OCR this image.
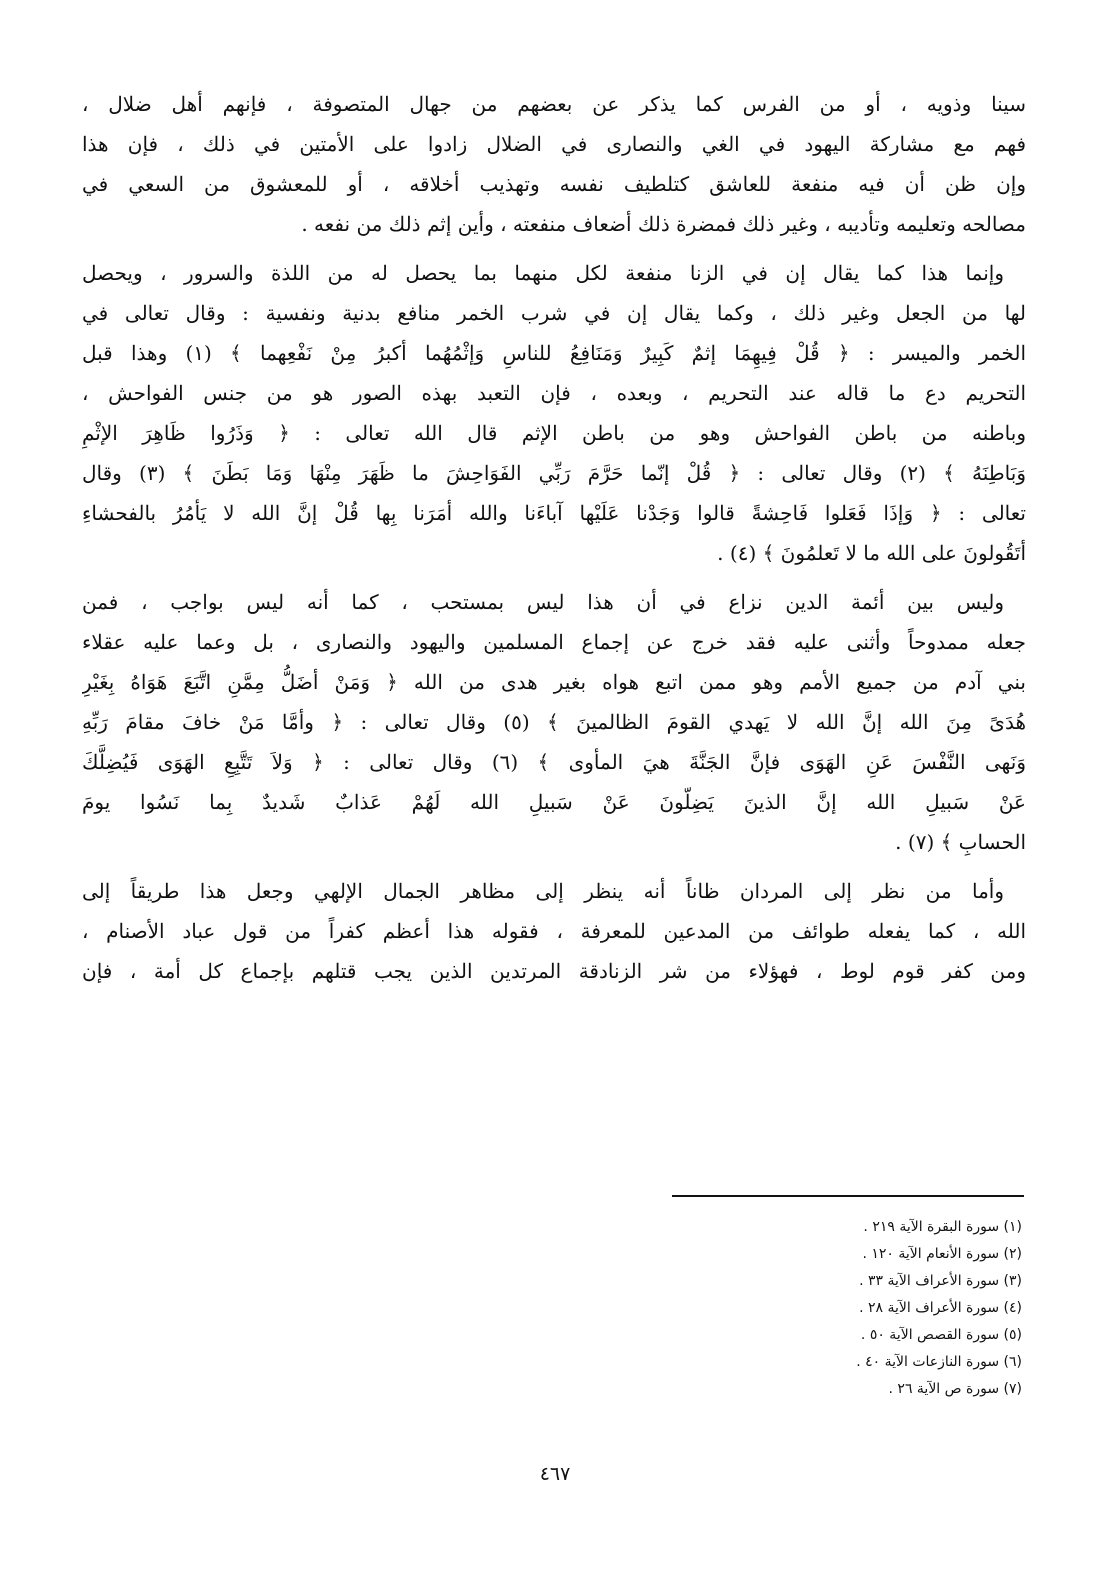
سينا وذويه ، أو من الفرس كما يذكر عن بعضهم من جهال المتصوفة ، فإنهم أهل ضلال ،
فهم مع مشاركة اليهود في الغي والنصارى في الضلال زادوا على الأمتين في ذلك ، فإن هذا
وإن ظن أن فيه منفعة للعاشق كتلطيف نفسه وتهذيب أخلاقه ، أو للمعشوق من السعي في
مصالحه وتعليمه وتأديبه ، وغير ذلك فمضرة ذلك أضعاف منفعته ، وأين إثم ذلك من نفعه .
وإنما هذا كما يقال إن في الزنا منفعة لكل منهما بما يحصل له من اللذة والسرور ، ويحصل
لها من الجعل وغير ذلك ، وكما يقال إن في شرب الخمر منافع بدنية ونفسية : وقال تعالى في
الخمر والميسر : ﴿ قُلْ فِيهِمَا إثمٌ كَبِيرٌ وَمَنَافِعُ للناسِ وَإثْمُهُما أكبرُ مِنْ نَفْعِهما ﴾ (١) وهذا قبل
التحريم دع ما قاله عند التحريم ، وبعده ، فإن التعبد بهذه الصور هو من جنس الفواحش ،
وباطنه من باطن الفواحش وهو من باطن الإثم قال الله تعالى : ﴿ وَذَرُوا ظَاهِرَ الإثْمِ
وَبَاطِنَهُ ﴾ (٢) وقال تعالى : ﴿ قُلْ إنّما حَرَّمَ رَبِّي الفَوَاحِشَ ما ظَهَرَ مِنْهَا وَمَا بَطَنَ ﴾ (٣) وقال
تعالى : ﴿ وَإذَا فَعَلوا فَاحِشةً قالوا وَجَدْنا عَلَيْها آباءَنا والله أمَرَنا بِها قُلْ إنَّ الله لا يَأمُرُ بالفحشاءِ
أتَقُولونَ على الله ما لا تَعلمُونَ ﴾ (٤) .
وليس بين أئمة الدين نزاع في أن هذا ليس بمستحب ، كما أنه ليس بواجب ، فمن
جعله ممدوحاً وأثنى عليه فقد خرج عن إجماع المسلمين واليهود والنصارى ، بل وعما عليه عقلاء
بني آدم من جميع الأمم وهو ممن اتبع هواه بغير هدى من الله ﴿ وَمَنْ أضَلُّ مِمَّنِ اتَّبَعَ هَوَاهُ بِغَيْرِ
هُدَىً مِنَ الله إنَّ الله لا يَهدي القومَ الظالمينَ ﴾ (٥) وقال تعالى : ﴿ وأمَّا مَنْ خافَ مقامَ رَبِّهِ
وَنَهى النَّفْسَ عَنِ الهَوَى فإنَّ الجَنَّةَ هيَ المأوى ﴾ (٦) وقال تعالى : ﴿ وَلاَ تَتَّبِعِ الهَوَى فَيُضِلَّكَ
عَنْ سَبيلِ الله إنَّ الذينَ يَضِلّونَ عَنْ سَبيلِ الله لَهُمْ عَذابٌ شَديدٌ بِما نَسُوا يومَ
الحسابِ ﴾ (٧) .
وأما من نظر إلى المردان ظاناً أنه ينظر إلى مظاهر الجمال الإلهي وجعل هذا طريقاً إلى
الله ، كما يفعله طوائف من المدعين للمعرفة ، فقوله هذا أعظم كفراً من قول عباد الأصنام ،
ومن كفر قوم لوط ، فهؤلاء من شر الزنادقة المرتدين الذين يجب قتلهم بإجماع كل أمة ، فإن
(١) سورة البقرة الآية ٢١٩ .
(٢) سورة الأنعام الآية ١٢٠ .
(٣) سورة الأعراف الآية ٣٣ .
(٤) سورة الأعراف الآية ٢٨ .
(٥) سورة القصص الآية ٥٠ .
(٦) سورة النازعات الآية ٤٠ .
(٧) سورة ص الآية ٢٦ .
٤٦٧
